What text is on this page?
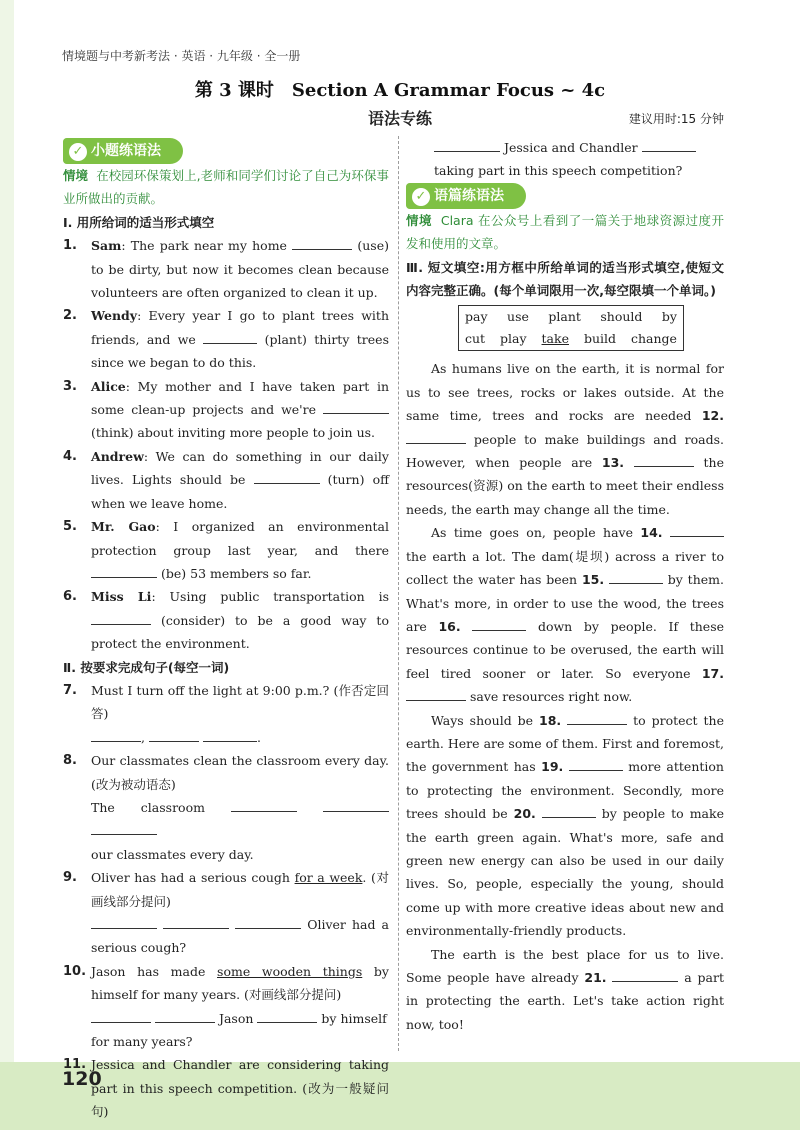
情境题与中考新考法 · 英语 · 九年级 · 全一册
第 3 课时　Section A Grammar Focus ~ 4c
语法专练	建议用时:15 分钟
✓ 小题练语法
情境 在校园环保策划上,老师和同学们讨论了自己为环保事业所做出的贡献。
Ⅰ. 用所给词的适当形式填空
1. Sam: The park near my home	(use) to be dirty, but now it becomes clean because volunteers are often organized to clean it up.
2. Wendy: Every year I go to plant trees with friends, and we	(plant) thirty trees since we began to do this.
3. Alice: My mother and I have taken part in some clean-up projects and we're  (think) about inviting more people to join us.
4. Andrew: We can do something in our daily lives. Lights should be	(turn) off when we leave home.
5. Mr. Gao: I organized an environmental protection group last year, and there  (be) 53 members so far.
6. Miss Li: Using public transportation is  (consider) to be a good way to protect the environment.
Ⅱ. 按要求完成句子(每空一词)
7. Must I turn off the light at 9:00 p.m.? (作否定回答)
,	.
8. Our classmates clean the classroom every day. (改为被动语态)
The classroom
our classmates every day.
9. Oliver has had a serious cough for a week. (对画线部分提问)
Oliver had a serious cough?
10. Jason has made some wooden things by himself for many years. (对画线部分提问)
Jason	by himself
for many years?
11. Jessica and Chandler are considering taking part in this speech competition. (改为一般疑问句)
Jessica and Chandler
taking part in this speech competition?
✓ 语篇练语法
情境 Clara 在公众号上看到了一篇关于地球资源过度开发和使用的文章。
Ⅲ. 短文填空:用方框中所给单词的适当形式填空,使短文内容完整正确。(每个单词限用一次,每空限填一个单词。)
pay use plant should by
cut play take build change

As humans live on the earth, it is normal for us to see trees, rocks or lakes outside. At the same time, trees and rocks are needed 12.  people to make buildings and roads. However, when people are 13.	the resources(资源) on the earth to meet their endless needs, the earth may change all the time.

As time goes on, people have 14.  the earth a lot. The dam(堤坝) across a river to collect the water has been 15.	by them. What's more, in order to use the wood, the trees are 16.	down by people. If these resources continue to be overused, the earth will feel tired sooner or later. So everyone 17.  save resources right now.

Ways should be 18.	to protect the earth. Here are some of them. First and foremost, the government has 19.	more attention to protecting the environment. Secondly, more trees should be 20.	by people to make the earth green again. What's more, safe and green new energy can also be used in our daily lives. So, people, especially the young, should come up with more creative ideas about new and environmentally-friendly products.

The earth is the best place for us to live. Some people have already 21.	a part in protecting the earth. Let's take action right now, too!

120
